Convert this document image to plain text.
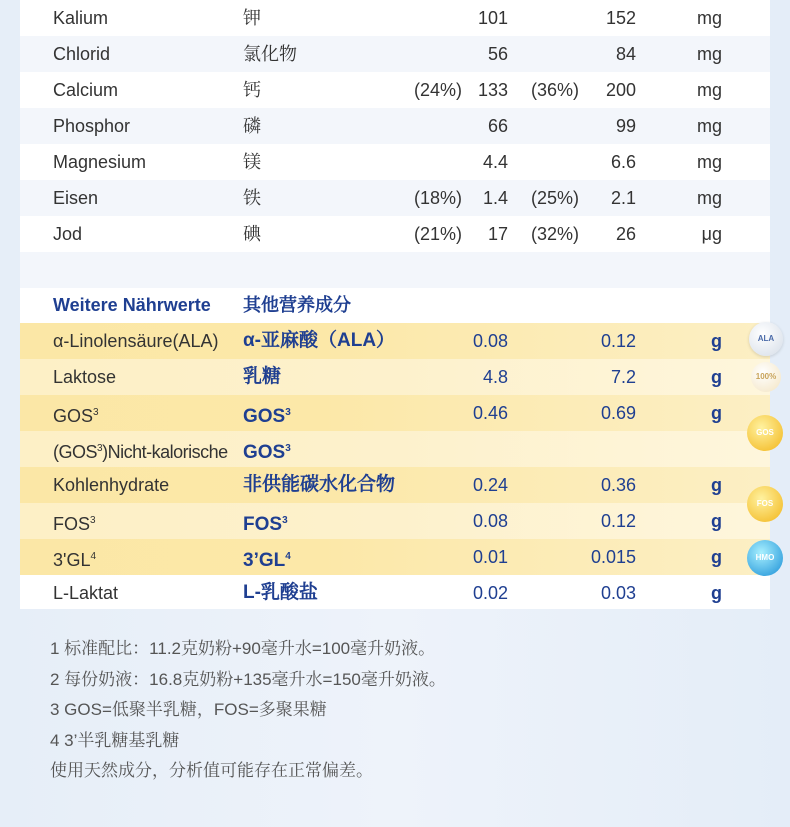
Kalium	钾	101	152	mg
Chlorid	氯化物	56	84	mg
Calcium	钙	(24%) 133	(36%)	200	mg
Phosphor	磷	66	99	mg
Magnesium	镁	4.4	6.6	mg
Eisen	铁	(18%)	1.4	(25%)	2.1	mg
Jod	碘	(21%)	17	(32%)	26	μg
Weitere Nährwerte 其他营养成分
α-Linolensäure(ALA) α-亚麻酸（ALA）	0.08	0.12	g
Laktose	乳糖	4.8	7.2	g
GOS$^3$	GOS$^3$	0.46	0.69	g
(GOS$^3$)Nicht-kalorische GOS$^3$
Kohlenhydrate	非供能碳水化合物	0.24	0.36	g
FOS$^3$	FOS$^3$	0.08	0.12	g
$3'GL^4$	$3’GL^4$	0.01	0.015	g
L-Laktat	L-乳酸盐	0.02	0.03	g
ALA
100%
GOS
FOS
HMO
1 标准配比：11.2克奶粉+90毫升水=100毫升奶液。
2 每份奶液：16.8克奶粉+135毫升水=150毫升奶液。
3 GOS=低聚半乳糖，FOS=多聚果糖
4 3’半乳糖基乳糖
使用天然成分，分析值可能存在正常偏差。
